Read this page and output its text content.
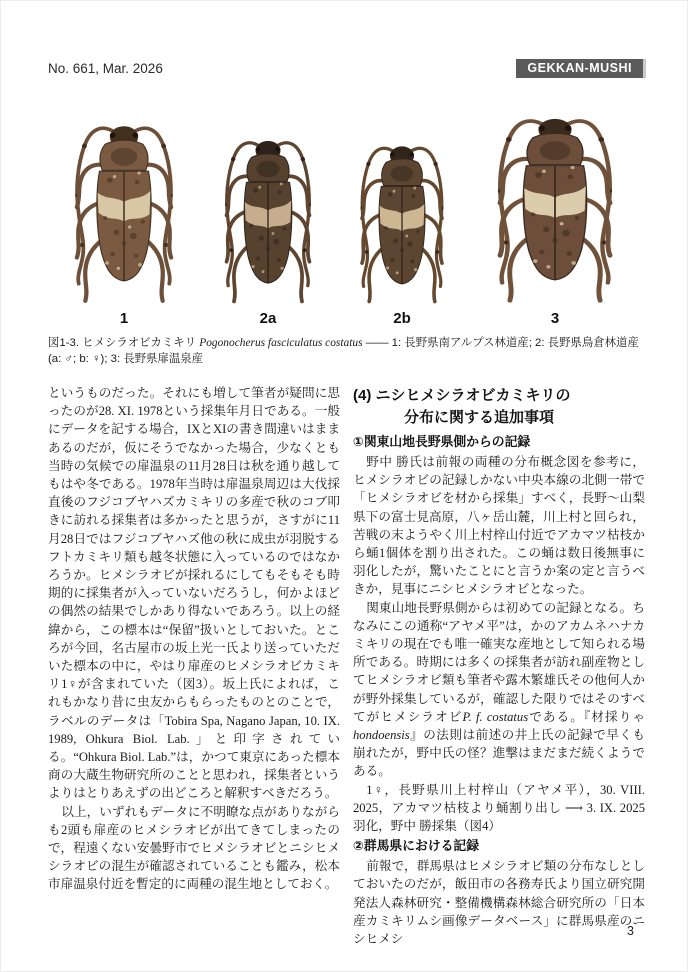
No. 661, Mar. 2026	GEKKAN-MUSHI
1	2a	2b	3
図1-3. ヒメシラオビカミキリ Pogonocherus fasciculatus costatus —— 1: 長野県南アルプス林道産; 2: 長野県鳥倉林道産 (a: ♂; b: ♀); 3: 長野県扉温泉産

というものだった。それにも増して筆者が疑問に思ったのが28. XI. 1978という採集年月日である。一般にデータを記する場合，IXとXIの書き間違いはままあるのだが，仮にそうでなかった場合，少なくとも当時の気候での扉温泉の11月28日は秋を通り越してもはや冬である。1978年当時は扉温泉周辺は大伐採直後のフジコブヤハズカミキリの多産で秋のコブ叩きに訪れる採集者は多かったと思うが，さすがに11月28日ではフジコブヤハズ他の秋に成虫が羽脱するフトカミキリ類も越冬状態に入っているのではなかろうか。ヒメシラオビが採れるにしてもそもそも時期的に採集者が入っていないだろうし，何かよほどの偶然の結果でしかあり得ないであろう。以上の経緯から，この標本は“保留”扱いとしておいた。ところが今回，名古屋市の坂上光一氏より送っていただいた標本の中に，やはり扉産のヒメシラオビカミキリ1♀が含まれていた（図3）。坂上氏によれば，これもかなり昔に虫友からもらったものとのことで，ラベルのデータは「Tobira Spa, Nagano Japan, 10. IX. 1989, Ohkura Biol. Lab.」と印字されている。“Ohkura Biol. Lab.”は，かつて東京にあった標本商の大蔵生物研究所のことと思われ，採集者というよりはとりあえずの出どころと解釈すべきだろう。

以上，いずれもデータに不明瞭な点がありながらも2頭も扉産のヒメシラオビが出てきてしまったので，程遠くない安曇野市でヒメシラオビとニシヒメシラオビの混生が確認されていることも鑑み，松本市扉温泉付近を暫定的に両種の混生地としておく。

(4) ニシヒメシラオビカミキリの
分布に関する追加事項
①関東山地長野県側からの記録

野中 勝氏は前報の両種の分布概念図を参考に，ヒメシラオビの記録しかない中央本線の北側一帯で「ヒメシラオビを材から採集」すべく，長野～山梨県下の富士見高原，八ヶ岳山麓，川上村と回られ，苦戦の末ようやく川上村梓山付近でアカマツ枯枝から蛹1個体を割り出された。この蛹は数日後無事に羽化したが，驚いたことにと言うか案の定と言うべきか，見事にニシヒメシラオビとなった。

関東山地長野県側からは初めての記録となる。ちなみにこの通称“アヤメ平”は，かのアカムネハナカミキリの現在でも唯一確実な産地として知られる場所である。時期には多くの採集者が訪れ副産物としてヒメシラオビ類も筆者や露木繁雄氏その他何人かが野外採集しているが，確認した限りではそのすべてがヒメシラオビP. f. costatusである。『材採りゃ hondoensis』の法則は前述の井上氏の記録で早くも崩れたが，野中氏の怪？進撃はまだまだ続くようである。

1♀，長野県川上村梓山（アヤメ平），30. VIII. 2025，アカマツ枯枝より蛹割り出し ⟶ 3. IX. 2025羽化，野中 勝採集（図4）

②群馬県における記録

前報で，群馬県はヒメシラオビ類の分布なしとしておいたのだが，飯田市の各務寿氏より国立研究開発法人森林研究・整備機構森林総合研究所の「日本産カミキリムシ画像データベース」に群馬県産のニシヒメシ

3
